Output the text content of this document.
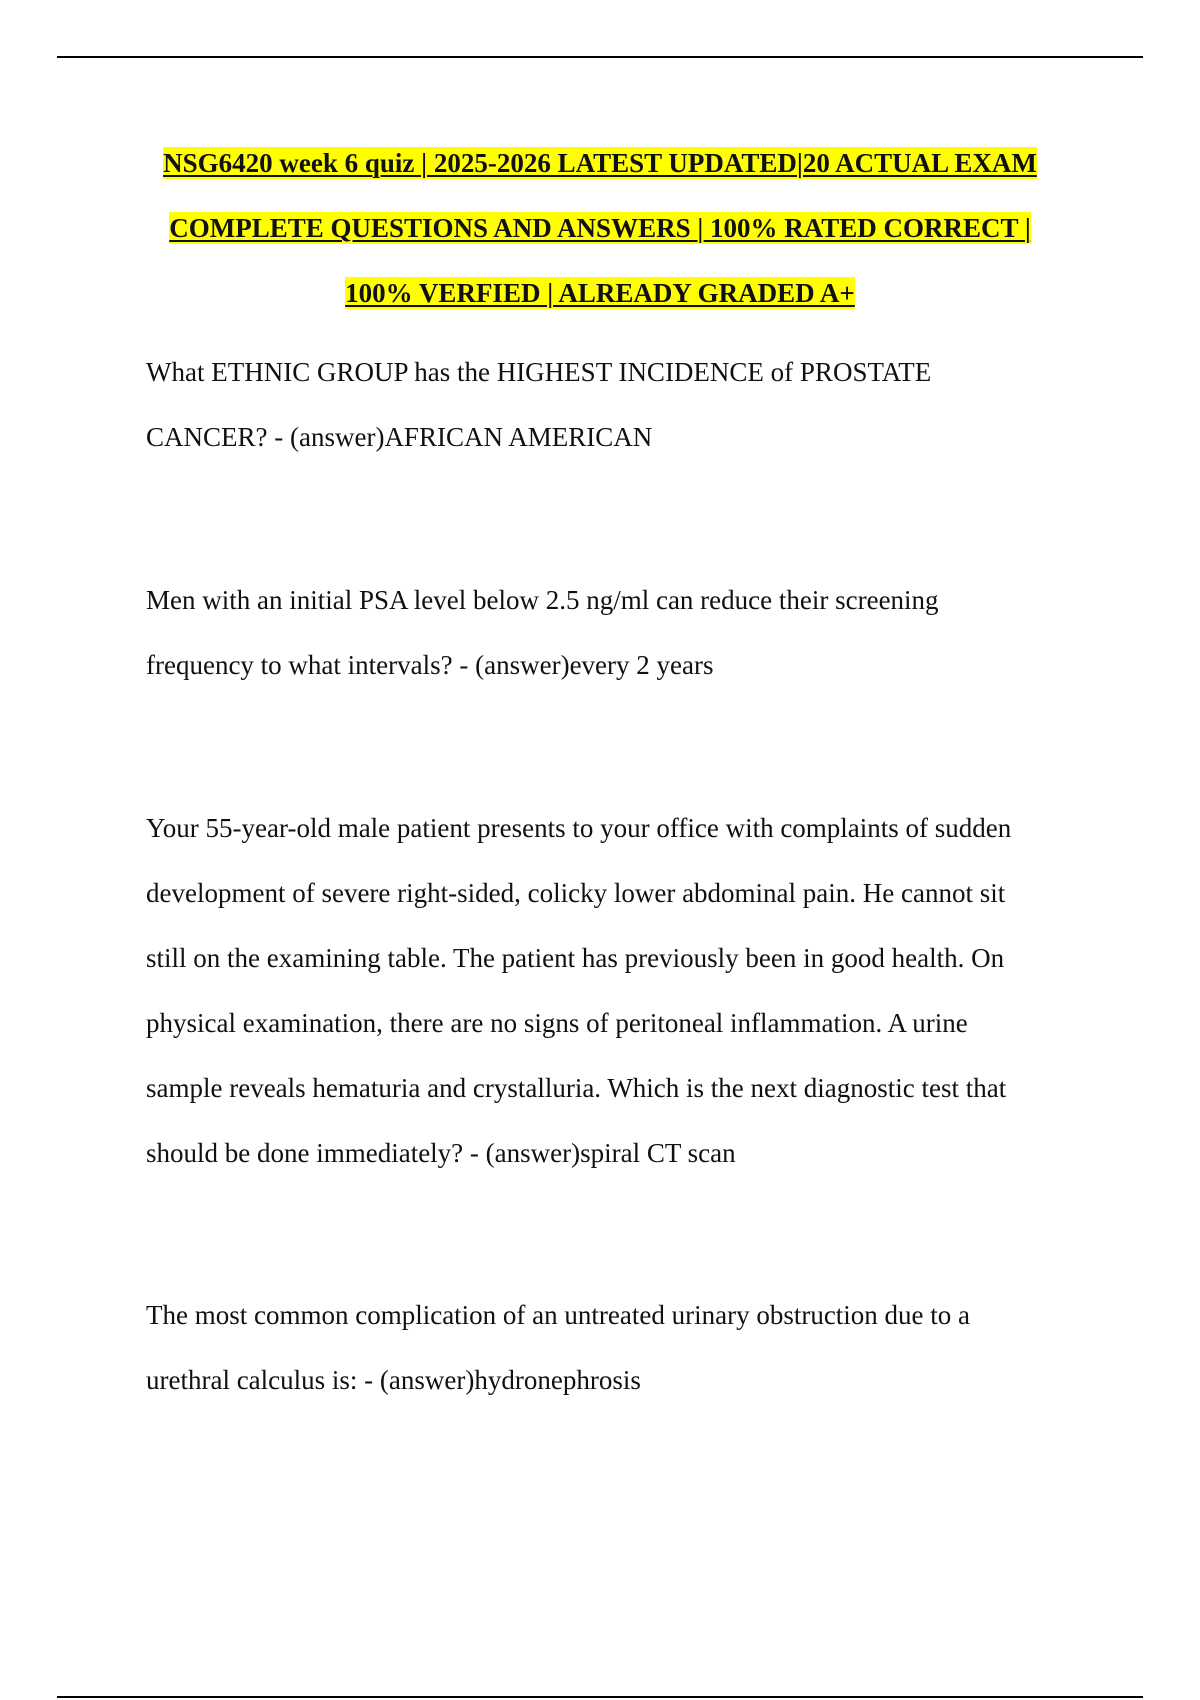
NSG6420 week 6 quiz | 2025-2026 LATEST UPDATED|20 ACTUAL EXAM
COMPLETE QUESTIONS AND ANSWERS | 100% RATED CORRECT |
100% VERFIED | ALREADY GRADED A+
What ETHNIC GROUP has the HIGHEST INCIDENCE of PROSTATE
CANCER? - (answer)AFRICAN AMERICAN
Men with an initial PSA level below 2.5 ng/ml can reduce their screening
frequency to what intervals? - (answer)every 2 years
Your 55-year-old male patient presents to your office with complaints of sudden
development of severe right-sided, colicky lower abdominal pain. He cannot sit
still on the examining table. The patient has previously been in good health. On
physical examination, there are no signs of peritoneal inflammation. A urine
sample reveals hematuria and crystalluria. Which is the next diagnostic test that
should be done immediately? - (answer)spiral CT scan
The most common complication of an untreated urinary obstruction due to a
urethral calculus is: - (answer)hydronephrosis
